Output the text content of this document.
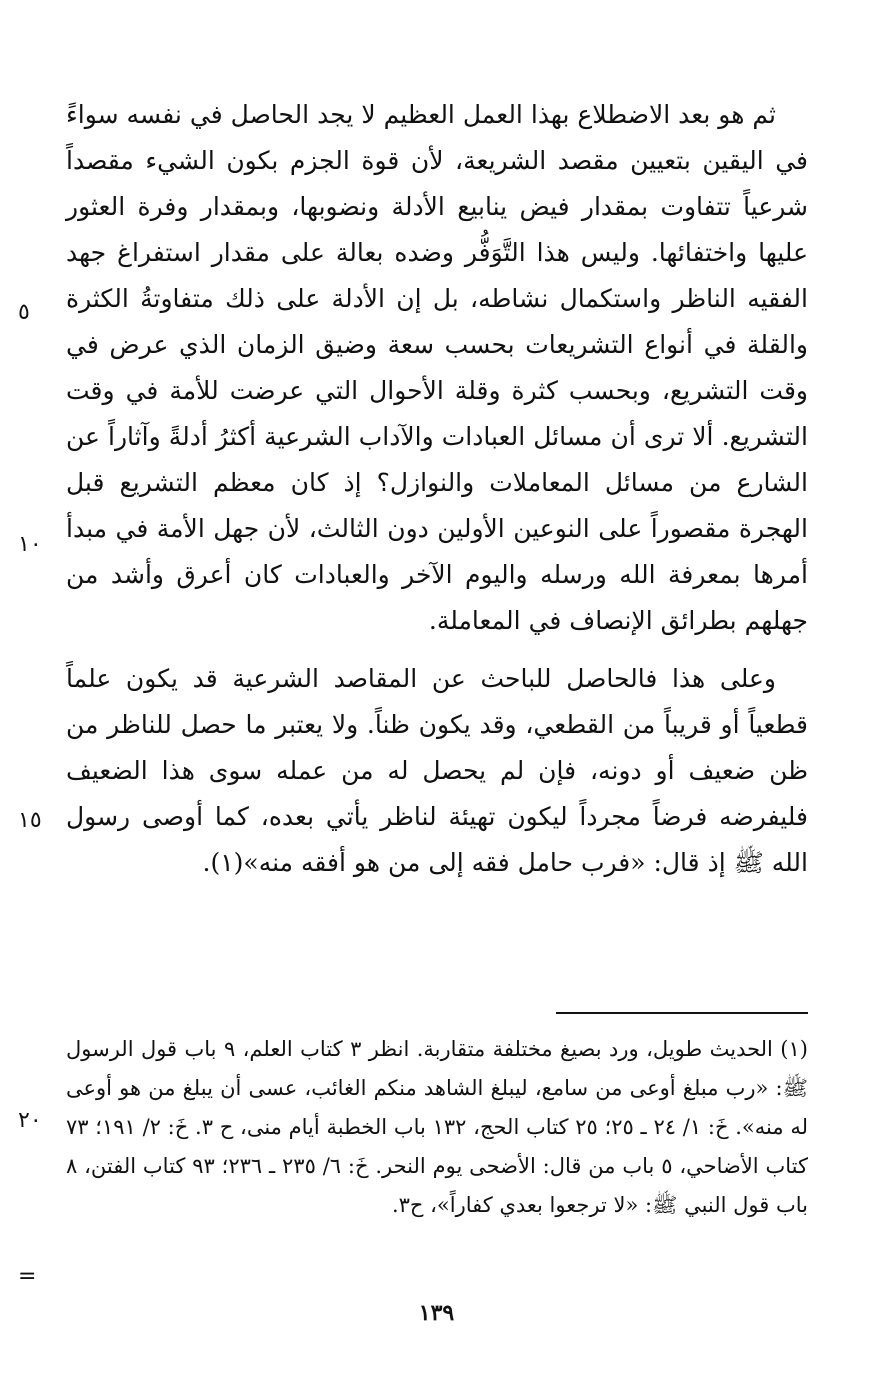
ثم هو بعد الاضطلاع بهذا العمل العظيم لا يجد الحاصل في نفسه سواءً في اليقين بتعيين مقصد الشريعة، لأن قوة الجزم بكون الشيء مقصداً شرعياً تتفاوت بمقدار فيض ينابيع الأدلة ونضوبها، وبمقدار وفرة العثور عليها واختفائها. وليس هذا التَّوَفُّر وضده بعالة على مقدار استفراغ جهد الفقيه الناظر واستكمال نشاطه، بل إن الأدلة على ذلك متفاوتةُ الكثرة والقلة في أنواع التشريعات بحسب سعة وضيق الزمان الذي عرض في وقت التشريع، وبحسب كثرة وقلة الأحوال التي عرضت للأمة في وقت التشريع. ألا ترى أن مسائل العبادات والآداب الشرعية أكثرُ أدلةً وآثاراً عن الشارع من مسائل المعاملات والنوازل؟ إذ كان معظم التشريع قبل الهجرة مقصوراً على النوعين الأولين دون الثالث، لأن جهل الأمة في مبدأ أمرها بمعرفة الله ورسله واليوم الآخر والعبادات كان أعرق وأشد من جهلهم بطرائق الإنصاف في المعاملة.

وعلى هذا فالحاصل للباحث عن المقاصد الشرعية قد يكون علماً قطعياً أو قريباً من القطعي، وقد يكون ظناً. ولا يعتبر ما حصل للناظر من ظن ضعيف أو دونه، فإن لم يحصل له من عمله سوى هذا الضعيف فليفرضه فرضاً مجرداً ليكون تهيئة لناظر يأتي بعده، كما أوصى رسول الله ﷺ إذ قال: «فرب حامل فقه إلى من هو أفقه منه»(١).

٥
١٠
١٥
٢٠
=

(١) الحديث طويل، ورد بصيغ مختلفة متقاربة. انظر ٣ كتاب العلم، ٩ باب قول الرسول ﷺ: «رب مبلغ أوعى من سامع، ليبلغ الشاهد منكم الغائب، عسى أن يبلغ من هو أوعى له منه». خَ: ١/ ٢٤ ـ ٢٥؛ ٢٥ كتاب الحج، ١٣٢ باب الخطبة أيام منى، ح ٣. خَ: ٢/ ١٩١؛ ٧٣ كتاب الأضاحي، ٥ باب من قال: الأضحى يوم النحر. خَ: ٦/ ٢٣٥ ـ ٢٣٦؛ ٩٣ كتاب الفتن، ٨ باب قول النبي ﷺ: «لا ترجعوا بعدي كفاراً»، ح٣.

١٣٩
